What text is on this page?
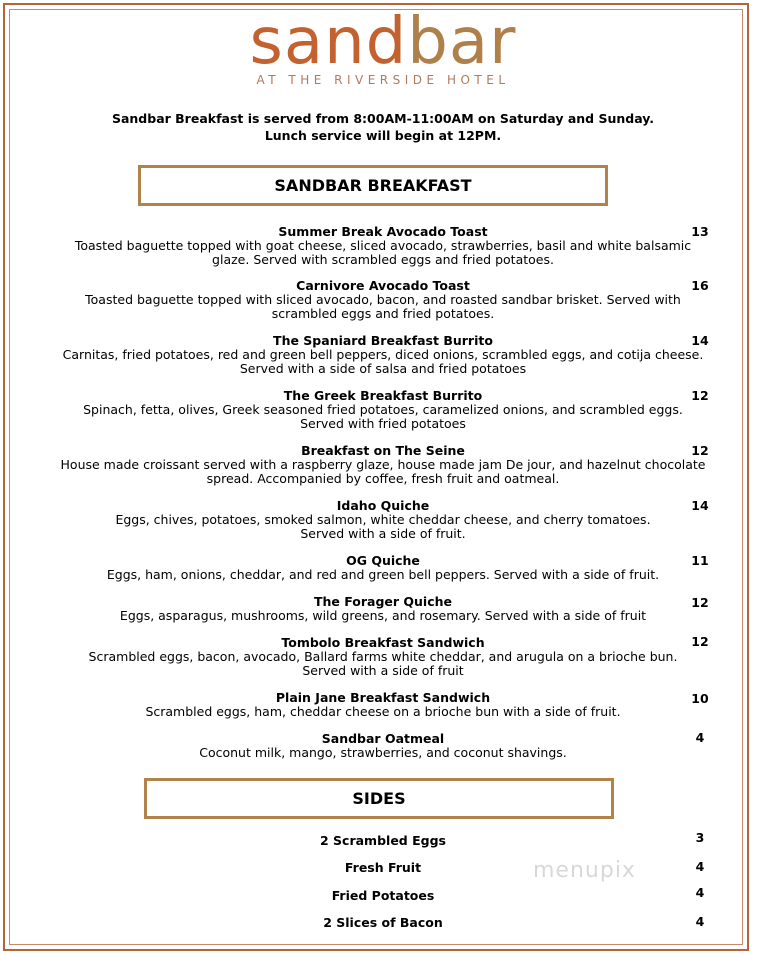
sandbar
AT THE RIVERSIDE HOTEL
Sandbar Breakfast is served from 8:00AM-11:00AM on Saturday and Sunday.
Lunch service will begin at 12PM.
SANDBAR BREAKFAST
Summer Break Avocado Toast
Toasted baguette topped with goat cheese, sliced avocado, strawberries, basil and white balsamic
glaze. Served with scrambled eggs and fried potatoes.
13
Carnivore Avocado Toast
Toasted baguette topped with sliced avocado, bacon, and roasted sandbar brisket. Served with
scrambled eggs and fried potatoes.
16
The Spaniard Breakfast Burrito
Carnitas, fried potatoes, red and green bell peppers, diced onions, scrambled eggs, and cotija cheese.
Served with a side of salsa and fried potatoes
14
The Greek Breakfast Burrito
Spinach, fetta, olives, Greek seasoned fried potatoes, caramelized onions, and scrambled eggs.
Served with fried potatoes
12
Breakfast on The Seine
House made croissant served with a raspberry glaze, house made jam De jour, and hazelnut chocolate
spread. Accompanied by coffee, fresh fruit and oatmeal.
12
Idaho Quiche
Eggs, chives, potatoes, smoked salmon, white cheddar cheese, and cherry tomatoes.
Served with a side of fruit.
14
OG Quiche
Eggs, ham, onions, cheddar, and red and green bell peppers. Served with a side of fruit.
11
The Forager Quiche
Eggs, asparagus, mushrooms, wild greens, and rosemary. Served with a side of fruit
12
Tombolo Breakfast Sandwich
Scrambled eggs, bacon, avocado, Ballard farms white cheddar, and arugula on a brioche bun.
Served with a side of fruit
12
Plain Jane Breakfast Sandwich
Scrambled eggs, ham, cheddar cheese on a brioche bun with a side of fruit.
10
Sandbar Oatmeal
Coconut milk, mango, strawberries, and coconut shavings.
4
SIDES
2 Scrambled Eggs	3
Fresh Fruit	4
Fried Potatoes	4
2 Slices of Bacon	4
menupix
